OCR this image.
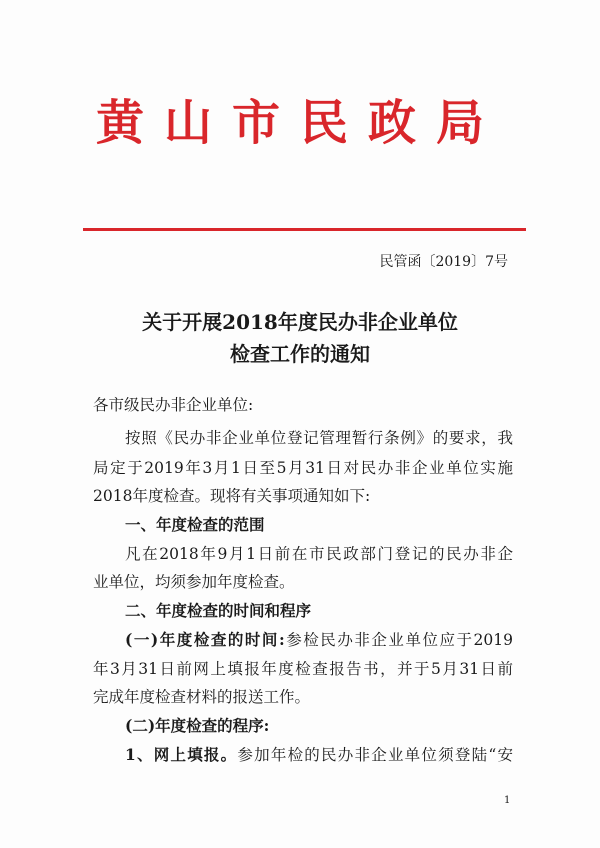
黄山市民政局
民管函〔2019〕7号
关于开展2018年度民办非企业单位
检查工作的通知
各市级民办非企业单位:
按照《民办非企业单位登记管理暂行条例》的要求，我
局定于2019年3月1日至5月31日对民办非企业单位实施
2018年度检查。现将有关事项通知如下:
一、年度检查的范围
凡在2018年9月1日前在市民政部门登记的民办非企
业单位，均须参加年度检查。
二、年度检查的时间和程序
(一)年度检查的时间:参检民办非企业单位应于2019
年3月31日前网上填报年度检查报告书，并于5月31日前
完成年度检查材料的报送工作。
(二)年度检查的程序:
1、网上填报。参加年检的民办非企业单位须登陆“安
1
